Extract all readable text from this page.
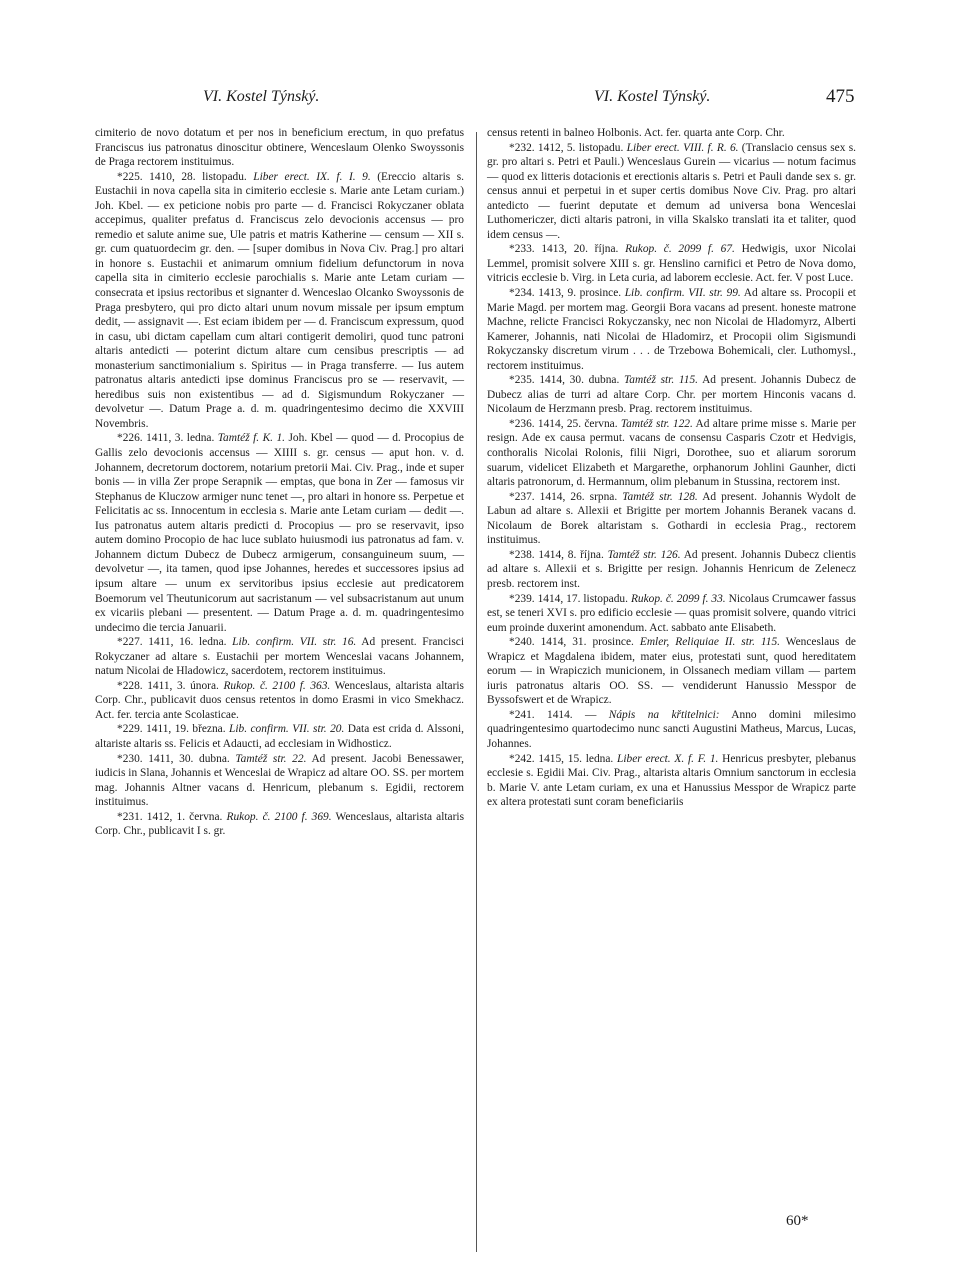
VI. Kostel Týnský.	VI. Kostel Týnský.	475

cimiterio de novo dotatum et per nos in beneficium erectum, in quo prefatus Franciscus ius patronatus dinoscitur obtinere, Wenceslaum Olenko Swoyssonis de Praga rectorem instituimus.

*225. 1410, 28. listopadu. Liber erect. IX. f. I. 9. (Ereccio altaris s. Eustachii in nova capella sita in cimiterio ecclesie s. Marie ante Letam curiam.) Joh. Kbel. — ex peticione nobis pro parte — d. Francisci Rokyczaner oblata accepimus, qualiter prefatus d. Franciscus zelo devocionis accensus — pro remedio et salute anime sue, Ule patris et matris Katherine — censum — XII s. gr. cum quatuordecim gr. den. — [super domibus in Nova Civ. Prag.] pro altari in honore s. Eustachii et animarum omnium fidelium defunctorum in nova capella sita in cimiterio ecclesie parochialis s. Marie ante Letam curiam — consecrata et ipsius rectoribus et signanter d. Wenceslao Olcanko Swoyssonis de Praga presbytero, qui pro dicto altari unum novum missale per ipsum emptum dedit, — assignavit —. Est eciam ibidem per — d. Franciscum expressum, quod in casu, ubi dictam capellam cum altari contigerit demoliri, quod tunc patroni altaris antedicti — poterint dictum altare cum censibus prescriptis — ad monasterium sanctimonialium s. Spiritus — in Praga transferre. — Ius autem patronatus altaris antedicti ipse dominus Franciscus pro se — reservavit, — heredibus suis non existentibus — ad d. Sigismundum Rokyczaner — devolvetur —. Datum Prage a. d. m. quadringentesimo decimo die XXVIII Novembris.

*226. 1411, 3. ledna. Tamtéž f. K. 1. Joh. Kbel — quod — d. Procopius de Gallis zelo devocionis accensus — XIIII s. gr. census — aput hon. v. d. Johannem, decretorum doctorem, notarium pretorii Mai. Civ. Prag., inde et super bonis — in villa Zer prope Serapnik — emptas, que bona in Zer — famosus vir Stephanus de Kluczow armiger nunc tenet —, pro altari in honore ss. Perpetue et Felicitatis ac ss. Innocentum in ecclesia s. Marie ante Letam curiam — dedit —. Ius patronatus autem altaris predicti d. Procopius — pro se reservavit, ipso autem domino Procopio de hac luce sublato huiusmodi ius patronatus ad fam. v. Johannem dictum Dubecz de Dubecz armigerum, consanguineum suum, — devolvetur —, ita tamen, quod ipse Johannes, heredes et successores ipsius ad ipsum altare — unum ex servitoribus ipsius ecclesie aut predicatorem Boemorum vel Theutunicorum aut sacristanum — vel subsacristanum aut unum ex vicariis plebani — presentent. — Datum Prage a. d. m. quadringentesimo undecimo die tercia Januarii.

*227. 1411, 16. ledna. Lib. confirm. VII. str. 16. Ad present. Francisci Rokyczaner ad altare s. Eustachii per mortem Wenceslai vacans Johannem, natum Nicolai de Hladowicz, sacerdotem, rectorem instituimus.

*228. 1411, 3. února. Rukop. č. 2100 f. 363. Wenceslaus, altarista altaris Corp. Chr., publicavit duos census retentos in domo Erasmi in vico Smekhacz. Act. fer. tercia ante Scolasticae.

*229. 1411, 19. března. Lib. confirm. VII. str. 20. Data est crida d. Alssoni, altariste altaris ss. Felicis et Adaucti, ad ecclesiam in Widhosticz.

*230. 1411, 30. dubna. Tamtéž str. 22. Ad present. Jacobi Benessawer, iudicis in Slana, Johannis et Wenceslai de Wrapicz ad altare OO. SS. per mortem mag. Johannis Altner vacans d. Henricum, plebanum s. Egidii, rectorem instituimus.

*231. 1412, 1. června. Rukop. č. 2100 f. 369. Wenceslaus, altarista altaris Corp. Chr., publicavit I s. gr.

census retenti in balneo Holbonis. Act. fer. quarta ante Corp. Chr.

*232. 1412, 5. listopadu. Liber erect. VIII. f. R. 6. (Translacio census sex s. gr. pro altari s. Petri et Pauli.) Wenceslaus Gurein — vicarius — notum facimus — quod ex litteris dotacionis et erectionis altaris s. Petri et Pauli dande sex s. gr. census annui et perpetui in et super certis domibus Nove Civ. Prag. pro altari antedicto — fuerint deputate et demum ad universa bona Wenceslai Luthomericzer, dicti altaris patroni, in villa Skalsko translati ita et taliter, quod idem census —.

*233. 1413, 20. října. Rukop. č. 2099 f. 67. Hedwigis, uxor Nicolai Lemmel, promisit solvere XIII s. gr. Henslino carnifici et Petro de Nova domo, vitricis ecclesie b. Virg. in Leta curia, ad laborem ecclesie. Act. fer. V post Luce.

*234. 1413, 9. prosince. Lib. confirm. VII. str. 99. Ad altare ss. Procopii et Marie Magd. per mortem mag. Georgii Bora vacans ad present. honeste matrone Machne, relicte Francisci Rokyczansky, nec non Nicolai de Hladomyrz, Alberti Kamerer, Johannis, nati Nicolai de Hladomirz, et Procopii olim Sigismundi Rokyczansky discretum virum . . . de Trzebowa Bohemicali, cler. Luthomysl., rectorem instituimus.

*235. 1414, 30. dubna. Tamtéž str. 115. Ad present. Johannis Dubecz de Dubecz alias de turri ad altare Corp. Chr. per mortem Hinconis vacans d. Nicolaum de Herzmann presb. Prag. rectorem instituimus.

*236. 1414, 25. června. Tamtéž str. 122. Ad altare prime misse s. Marie per resign. Ade ex causa permut. vacans de consensu Casparis Czotr et Hedvigis, conthoralis Nicolai Rolonis, filii Nigri, Dorothee, suo et aliarum sororum suarum, videlicet Elizabeth et Margarethe, orphanorum Johlini Gaunher, dicti altaris patronorum, d. Hermannum, olim plebanum in Stussina, rectorem inst.

*237. 1414, 26. srpna. Tamtéž str. 128. Ad present. Johannis Wydolt de Labun ad altare s. Allexii et Brigitte per mortem Johannis Beranek vacans d. Nicolaum de Borek altaristam s. Gothardi in ecclesia Prag., rectorem instituimus.

*238. 1414, 8. října. Tamtéž str. 126. Ad present. Johannis Dubecz clientis ad altare s. Allexii et s. Brigitte per resign. Johannis Henricum de Zelenecz presb. rectorem inst.

*239. 1414, 17. listopadu. Rukop. č. 2099 f. 33. Nicolaus Crumcawer fassus est, se teneri XVI s. pro edificio ecclesie — quas promisit solvere, quando vitrici eum proinde duxerint amonendum. Act. sabbato ante Elisabeth.

*240. 1414, 31. prosince. Emler, Reliquiae II. str. 115. Wenceslaus de Wrapicz et Magdalena ibidem, mater eius, protestati sunt, quod hereditatem eorum — in Wrapiczich municionem, in Olssanech mediam villam — partem iuris patronatus altaris OO. SS. — vendiderunt Hanussio Messpor de Byssofswert et de Wrapicz.

*241. 1414. — Nápis na křtitelnici: Anno domini milesimo quadringentesimo quartodecimo nunc sancti Augustini Matheus, Marcus, Lucas, Johannes.

*242. 1415, 15. ledna. Liber erect. X. f. F. 1. Henricus presbyter, plebanus ecclesie s. Egidii Mai. Civ. Prag., altarista altaris Omnium sanctorum in ecclesia b. Marie V. ante Letam curiam, ex una et Hanussius Messpor de Wrapicz parte ex altera protestati sunt coram beneficiariis

60*
